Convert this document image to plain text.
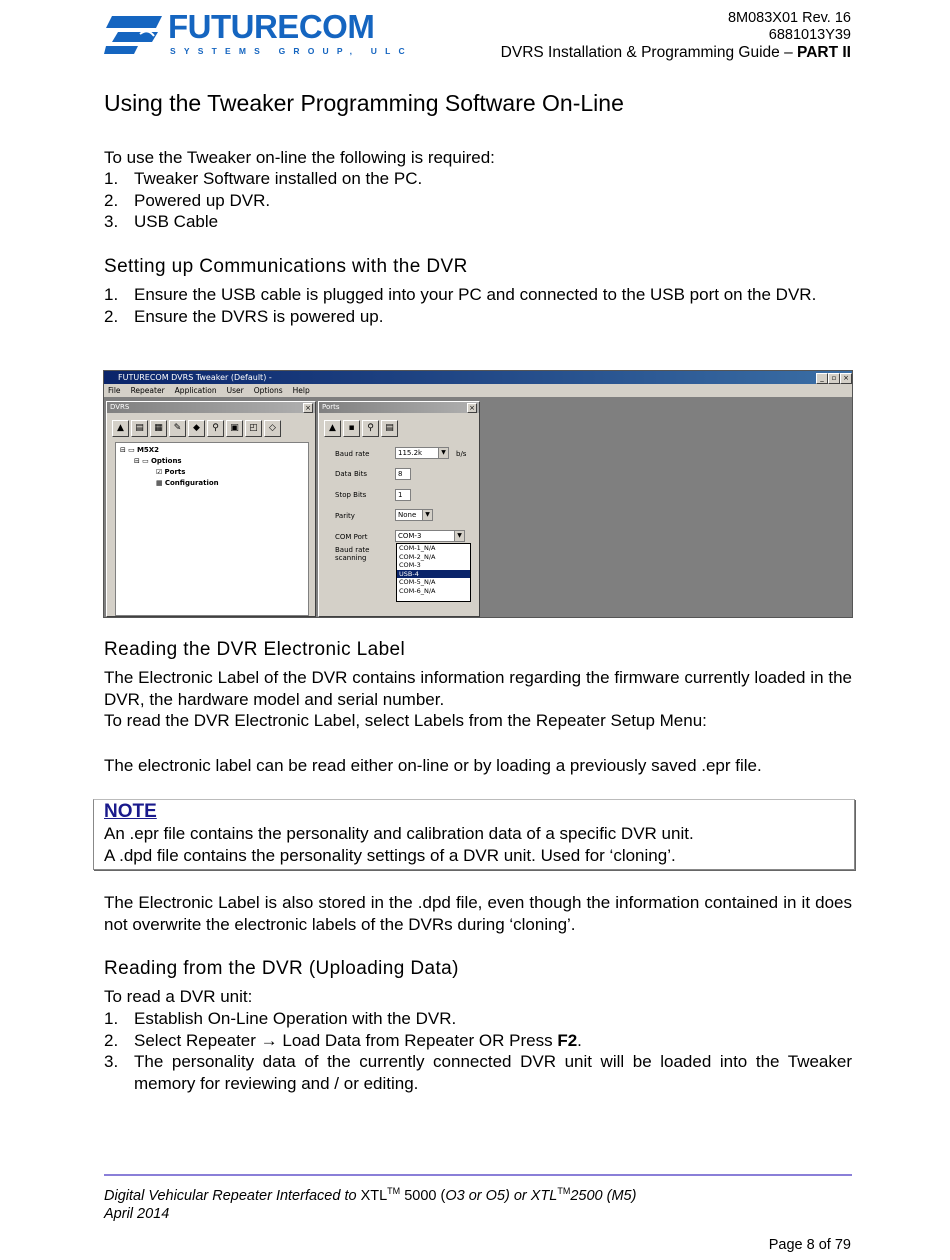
FUTURECOM
SYSTEMS GROUP, ULC
8M083X01 Rev. 16
6881013Y39
DVRS Installation & Programming Guide – PART II
Using the Tweaker Programming Software On-Line
To use the Tweaker on-line the following is required:
1. Tweaker Software installed on the PC.
2. Powered up DVR.
3. USB Cable
Setting up Communications with the DVR
1. Ensure the USB cable is plugged into your PC and connected to the USB port on the DVR.
2. Ensure the DVRS is powered up.
FUTURECOM DVRS Tweaker (Default) -	_	▫ ×
File Repeater Application User Options Help
DVRS	×
▲	▤	▦	✎	◆	⚲	▣	◰	◇
⊟ ▭ M5X2
⊟ ▭ Options
☑ Ports
▦ Configuration
Ports	×
▲	▪	⚲	▤
Baud rate	115.2k	▼	b/s
Data Bits	8
Stop Bits	1
Parity	None	▼
COM Port	COM-3	▼
Baud rate scanning
COM-1_N/A
COM-2_N/A
COM-3
USB-4
COM-5_N/A
COM-6_N/A
Reading the DVR Electronic Label
The Electronic Label of the DVR contains information regarding the firmware currently loaded in the DVR, the hardware model and serial number.
To read the DVR Electronic Label, select Labels from the Repeater Setup Menu:
The electronic label can be read either on-line or by loading a previously saved .epr file.
NOTE
An .epr file contains the personality and calibration data of a specific DVR unit.
A .dpd file contains the personality settings of a DVR unit. Used for ‘cloning’.
The Electronic Label is also stored in the .dpd file, even though the information contained in it does not overwrite the electronic labels of the DVRs during ‘cloning’.
Reading from the DVR (Uploading Data)
To read a DVR unit:
1. Establish On-Line Operation with the DVR.
2. Select Repeater → Load Data from Repeater OR Press F2.
3. The personality data of the currently connected DVR unit will be loaded into the Tweaker memory for reviewing and / or editing.
Digital Vehicular Repeater Interfaced to XTL™ 5000 (O3 or O5) or XTL™2500 (M5)
April 2014
Page 8 of 79
